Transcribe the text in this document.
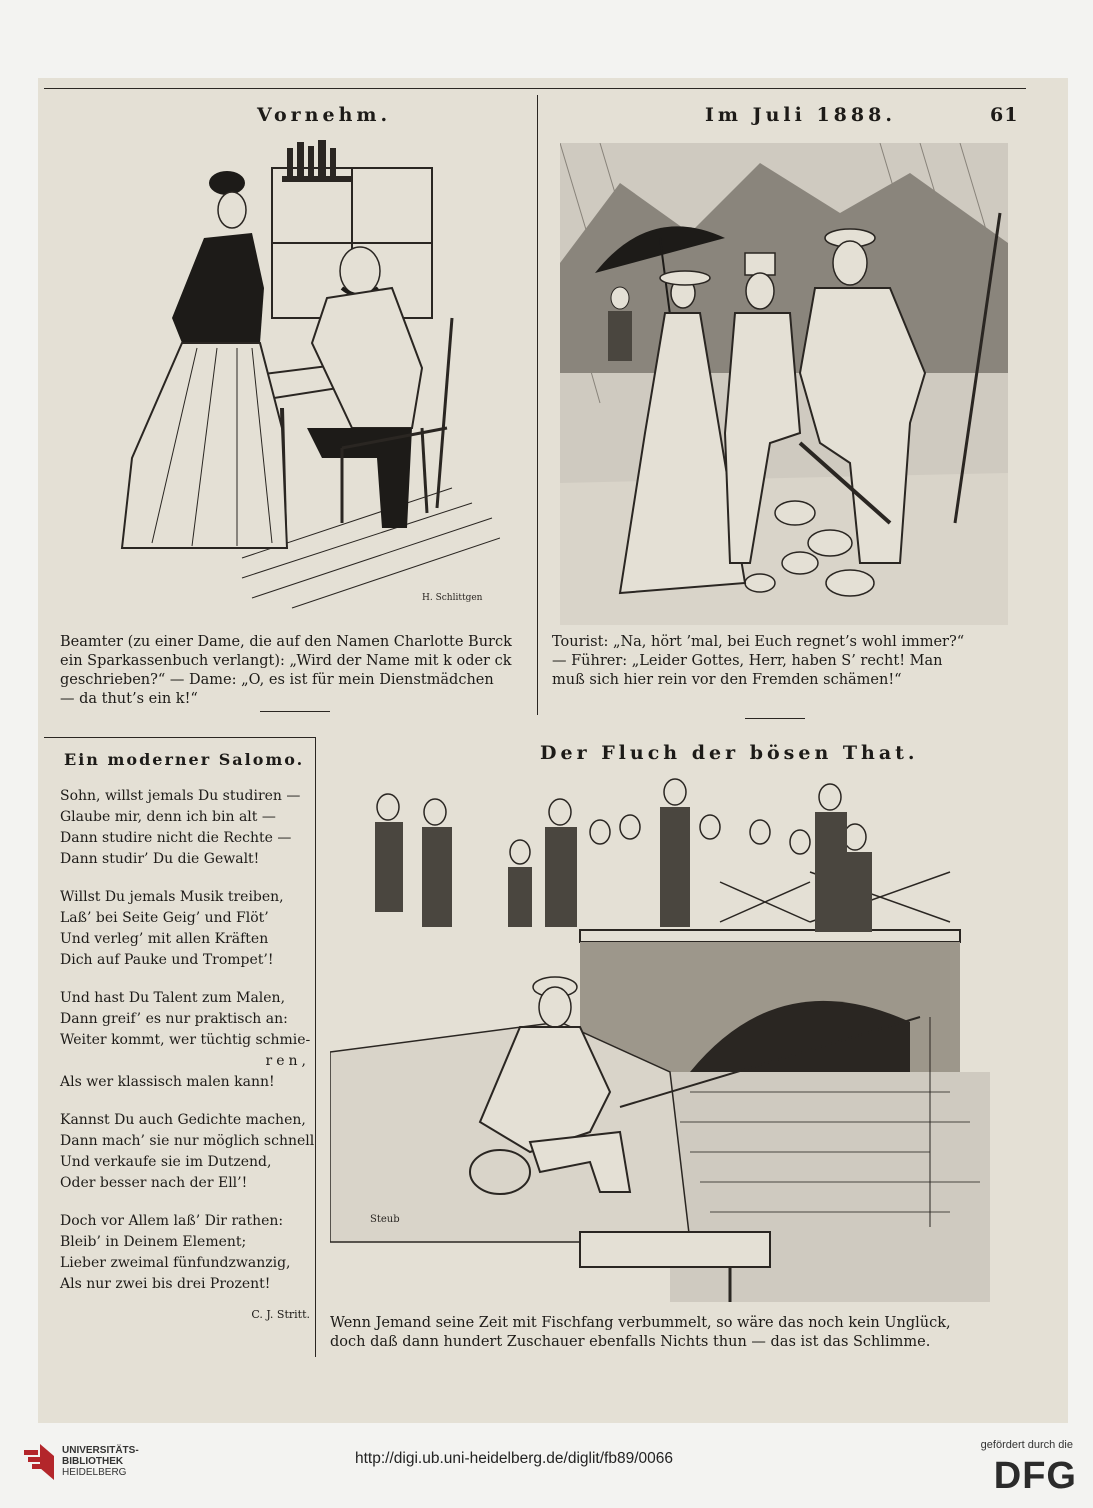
Vornehm.	Im Juli 1888.	61
H. Schlittgen

Beamter (zu einer Dame, die auf den Namen Charlotte Burck

ein Sparkassenbuch verlangt): „Wird der Name mit k oder ck

geschrieben?“ — Dame: „O, es ist für mein Dienstmädchen

— da thut’s ein k!“

Tourist: „Na, hört ’mal, bei Euch regnet’s wohl immer?“

— Führer: „Leider Gottes, Herr, haben S’ recht! Man

muß sich hier rein vor den Fremden schämen!“

Ein moderner Salomo.
Sohn, willst jemals Du studiren —
Glaube mir, denn ich bin alt —
Dann studire nicht die Rechte —
Dann studir’ Du die Gewalt!
Willst Du jemals Musik treiben,
Laß’ bei Seite Geig’ und Flöt’
Und verleg’ mit allen Kräften
Dich auf Pauke und Trompet’!
Und hast Du Talent zum Malen,
Dann greif’ es nur praktisch an:
Weiter kommt, wer tüchtig schmie-
ren,
Als wer klassisch malen kann!
Kannst Du auch Gedichte machen,
Dann mach’ sie nur möglich schnell
Und verkaufe sie im Dutzend,
Oder besser nach der Ell’!
Doch vor Allem laß’ Dir rathen:
Bleib’ in Deinem Element;
Lieber zweimal fünfundzwanzig,
Als nur zwei bis drei Prozent!
C. J. Stritt.
Der Fluch der bösen That.
Steub

Wenn Jemand seine Zeit mit Fischfang verbummelt, so wäre das noch kein Unglück,

doch daß dann hundert Zuschauer ebenfalls Nichts thun — das ist das Schlimme.

UNIVERSITÄTS-
BIBLIOTHEK
HEIDELBERG
http://digi.ub.uni-heidelberg.de/diglit/fb89/0066
gefördert durch die
DFG
